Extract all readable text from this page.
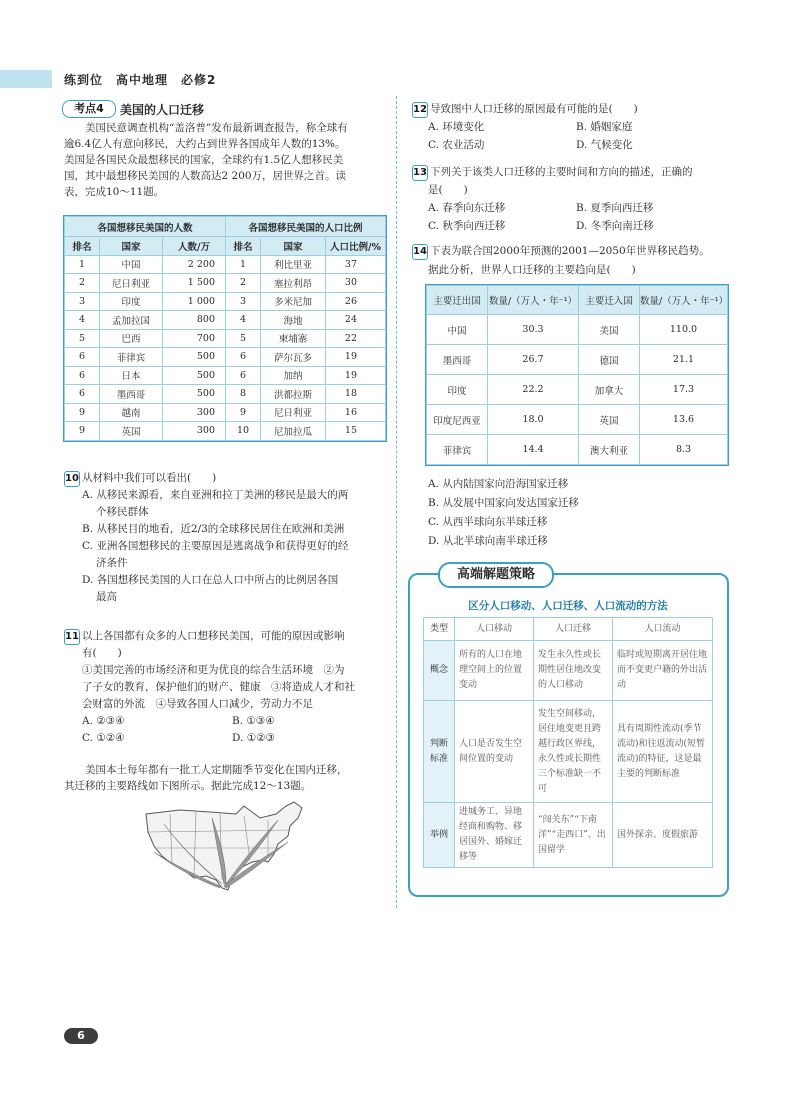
练到位　高中地理　必修2
考点4	美国的人口迁移
美国民意调查机构“盖洛普”发布最新调查报告，称全球有
逾6.4亿人有意向移民，大约占到世界各国成年人数的13%。
美国是各国民众最想移民的国家，全球约有1.5亿人想移民美
国，其中最想移民美国的人数高达2 200万，居世界之首。读
表，完成10～11题。
各国想移民美国的人数			各国想移民美国的人口比例		
排名	国家	人数/万	排名	国家	人口比例/%
1	中国	2 200	1	利比里亚	37
2	尼日利亚	1 500	2	塞拉利昂	30
3	印度	1 000	3	多米尼加	26
4	孟加拉国	800	4	海地	24
5	巴西	700	5	柬埔寨	22
6	菲律宾	500	6	萨尔瓦多	19
6	日本	500	6	加纳	19
6	墨西哥	500	8	洪都拉斯	18
9	越南	300	9	尼日利亚	16
9	英国	300	10	尼加拉瓜	15
10 从材料中我们可以看出(　　)
A. 从移民来源看，来自亚洲和拉丁美洲的移民是最大的两
个移民群体
B. 从移民目的地看，近2/3的全球移民居住在欧洲和美洲
C. 亚洲各国想移民的主要原因是逃离战争和获得更好的经
济条件
D. 各国想移民美国的人口在总人口中所占的比例居各国
最高
11 以上各国都有众多的人口想移民美国，可能的原因或影响
有(　　)
①美国完善的市场经济和更为优良的综合生活环境　②为
了子女的教育，保护他们的财产、健康　③将造成人才和社
会财富的外流　④导致各国人口减少，劳动力不足
A. ②③④	B. ①③④
C. ①②④	D. ①②③
美国本土每年都有一批工人定期随季节变化在国内迁移，
其迁移的主要路线如下图所示。据此完成12～13题。
12 导致图中人口迁移的原因最有可能的是(　　)
A. 环境变化	B. 婚姻家庭
C. 农业活动	D. 气候变化
13 下列关于该类人口迁移的主要时间和方向的描述，正确的
是(　　)
A. 春季向东迁移	B. 夏季向西迁移
C. 秋季向西迁移	D. 冬季向南迁移
14 下表为联合国2000年预测的2001—2050年世界移民趋势。
据此分析，世界人口迁移的主要趋向是(　　)
主要迁出国	数量/（万人・年⁻¹）	主要迁入国	数量/（万人・年⁻¹）
中国	30.3	美国	110.0
墨西哥	26.7	德国	21.1
印度	22.2	加拿大	17.3
印度尼西亚	18.0	英国	13.6
菲律宾	14.4	澳大利亚	8.3
A. 从内陆国家向沿海国家迁移
B. 从发展中国家向发达国家迁移
C. 从西半球向东半球迁移
D. 从北半球向南半球迁移
高端解题策略
区分人口移动、人口迁移、人口流动的方法
类型	人口移动	人口迁移	人口流动
概念	所有的人口在地理空间上的位置变动	发生永久性或长期性居住地改变的人口移动	临时或短期离开居住地而不变更户籍的外出活动
判断标准	人口是否发生空间位置的变动	发生空间移动，居住地变更且跨越行政区界线，永久性或长期性三个标准缺一不可	具有周期性流动(季节流动)和往返流动(短暂流动)的特征，这是最主要的判断标准
举例	进城务工、异地经商和购物、移居国外、婚嫁迁移等	“闯关东”“下南洋”“走西口”、出国留学	国外探亲、度假旅游
6
